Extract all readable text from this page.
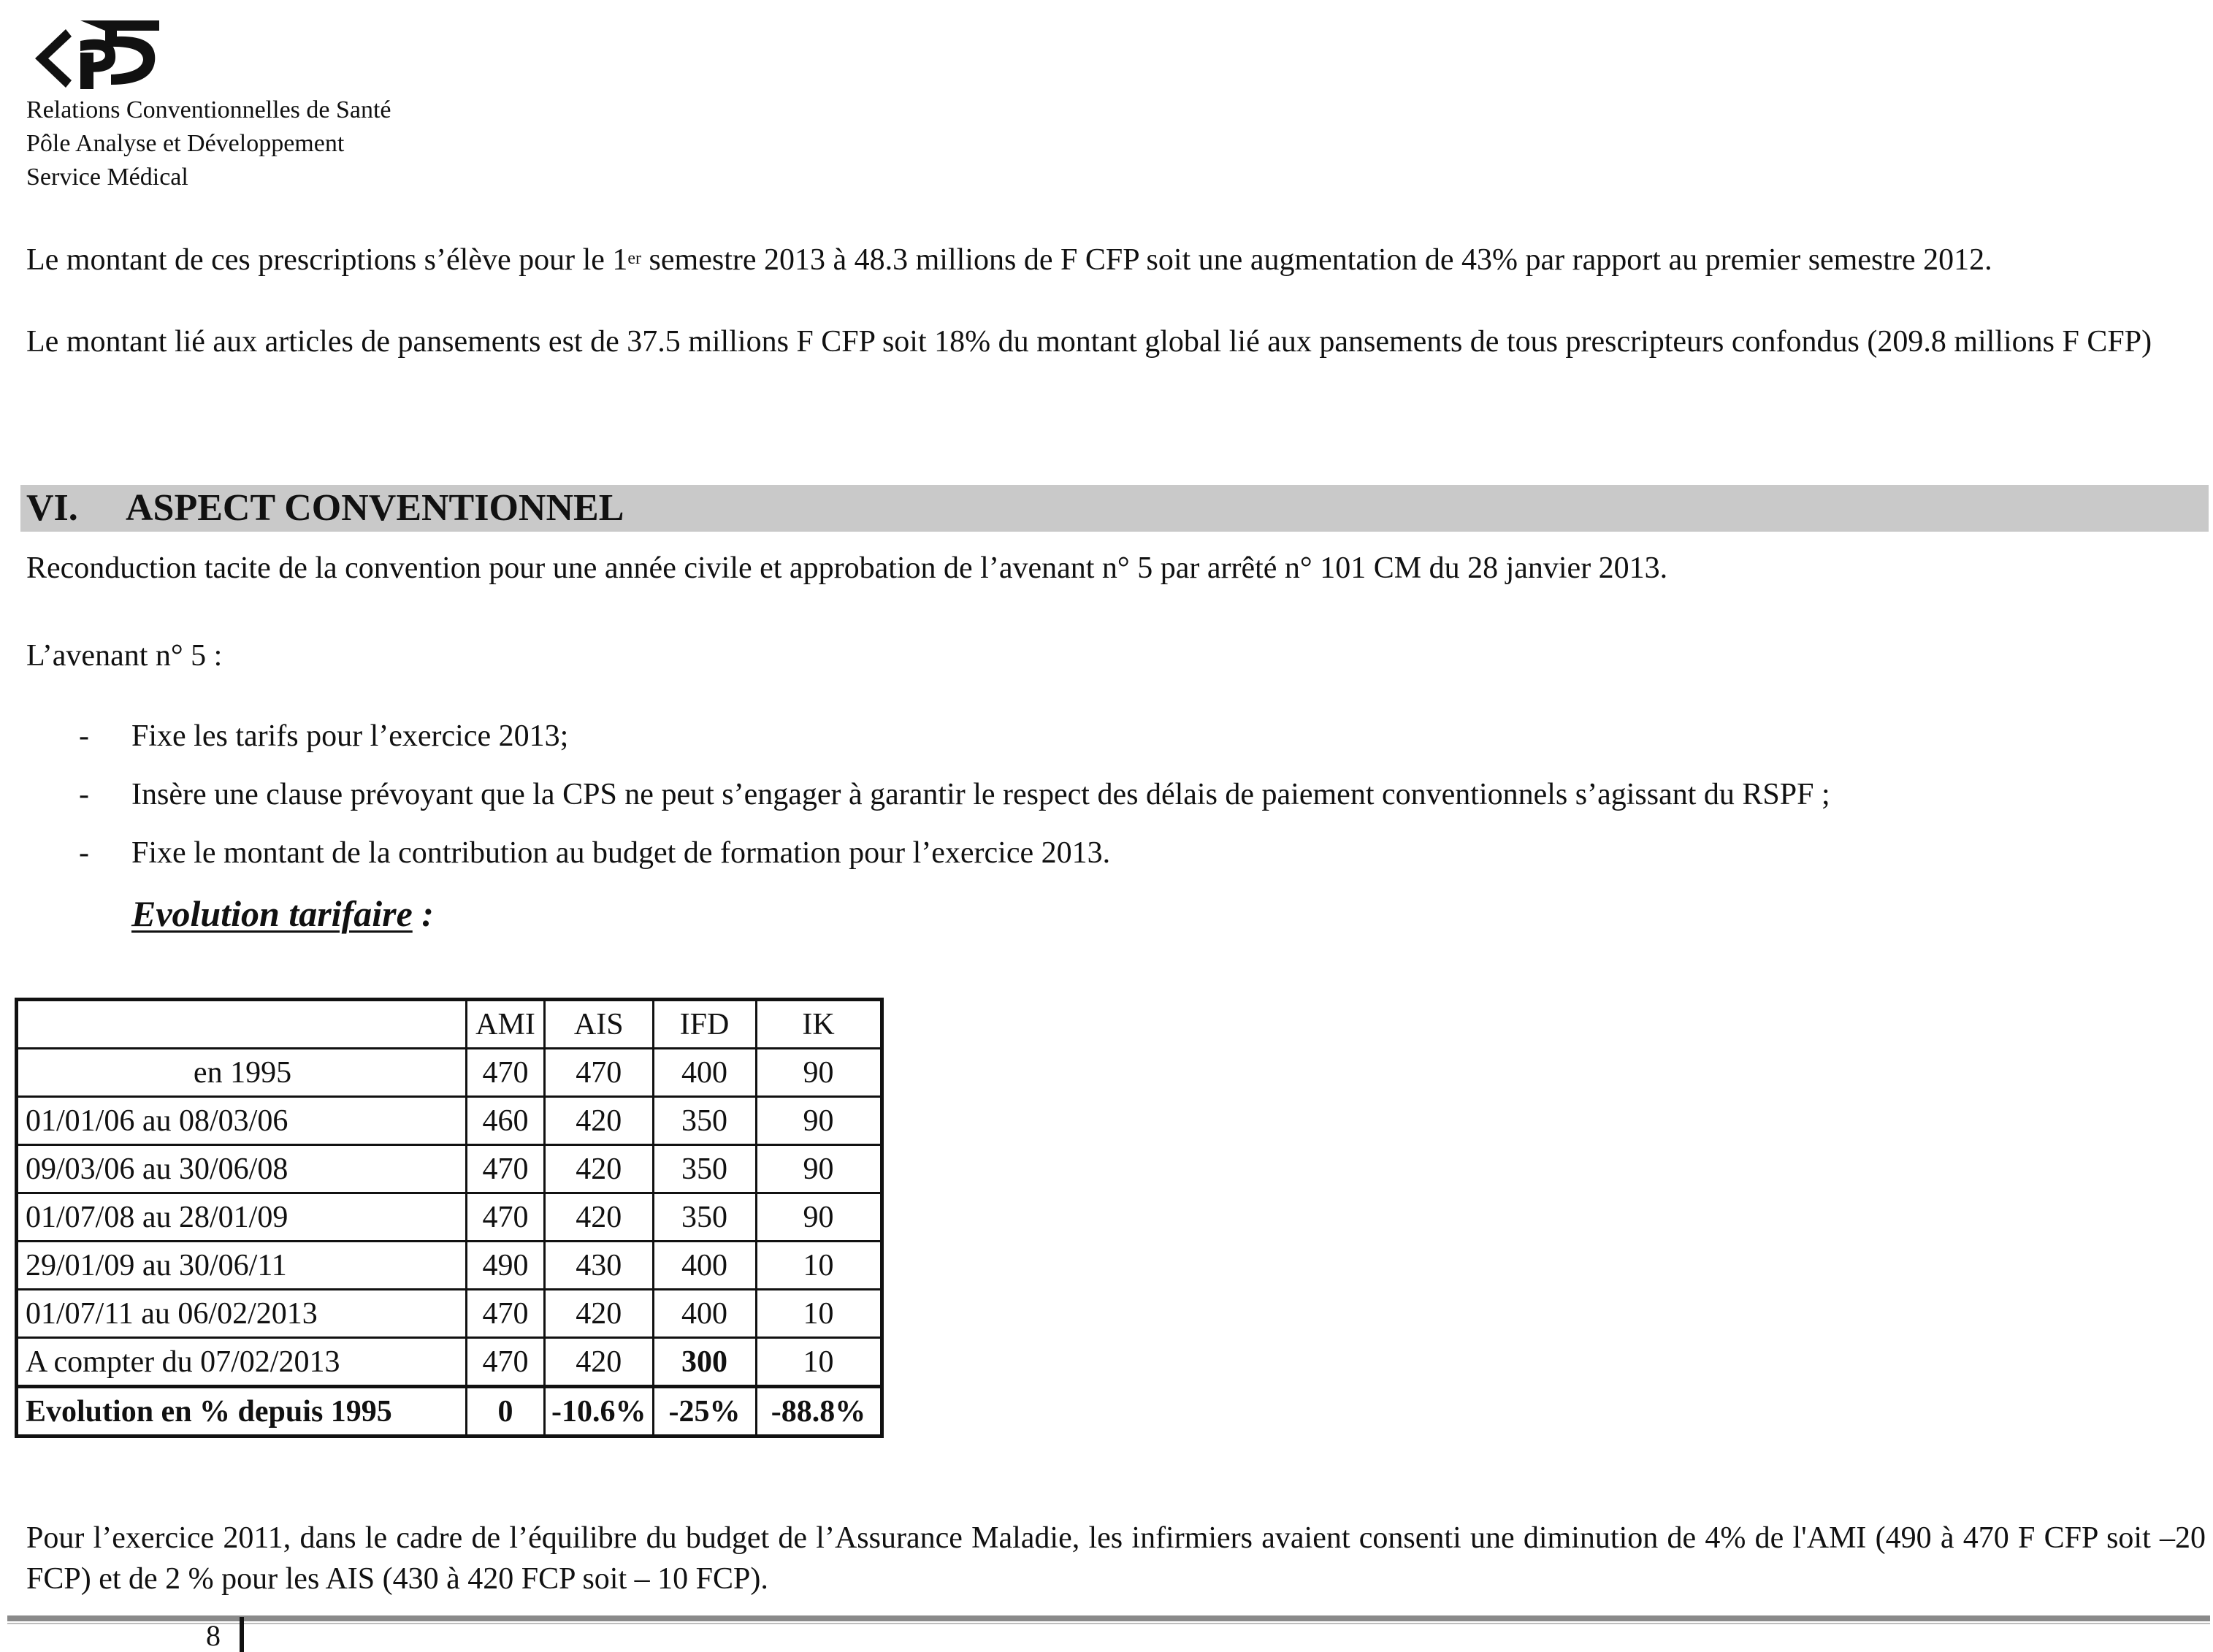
Relations Conventionnelles de Santé
Pôle Analyse et Développement
Service Médical
Le montant de ces prescriptions s’élève pour le 1er semestre 2013 à 48.3 millions de F CFP soit une augmentation de 43% par rapport au premier semestre 2012.
Le montant lié aux articles de pansements est de 37.5 millions F CFP soit 18% du montant global lié aux pansements de tous prescripteurs confondus (209.8 millions F CFP)
VI. ASPECT CONVENTIONNEL
Reconduction tacite de la convention pour une année civile et approbation de l’avenant n° 5 par arrêté n° 101 CM du 28 janvier 2013.
L’avenant n° 5 :
- Fixe les tarifs pour l’exercice 2013;
- Insère une clause prévoyant que la CPS ne peut s’engager à garantir le respect des délais de paiement conventionnels s’agissant du RSPF ;
- Fixe le montant de la contribution au budget de formation pour l’exercice 2013.
Evolution tarifaire :
	AMI	AIS	IFD	IK
en 1995	470	470	400	90
01/01/06 au 08/03/06	460	420	350	90
09/03/06 au 30/06/08	470	420	350	90
01/07/08 au 28/01/09	470	420	350	90
29/01/09 au 30/06/11	490	430	400	10
01/07/11 au 06/02/2013	470	420	400	10
A compter du 07/02/2013	470	420	300	10
Evolution en % depuis 1995	0	-10.6%	-25%	-88.8%
Pour l’exercice 2011, dans le cadre de l’équilibre du budget de l’Assurance Maladie, les infirmiers avaient consenti une diminution de 4% de l'AMI (490 à 470 F CFP soit –20 FCP) et de 2 % pour les AIS (430 à 420 FCP soit – 10 FCP).
8
